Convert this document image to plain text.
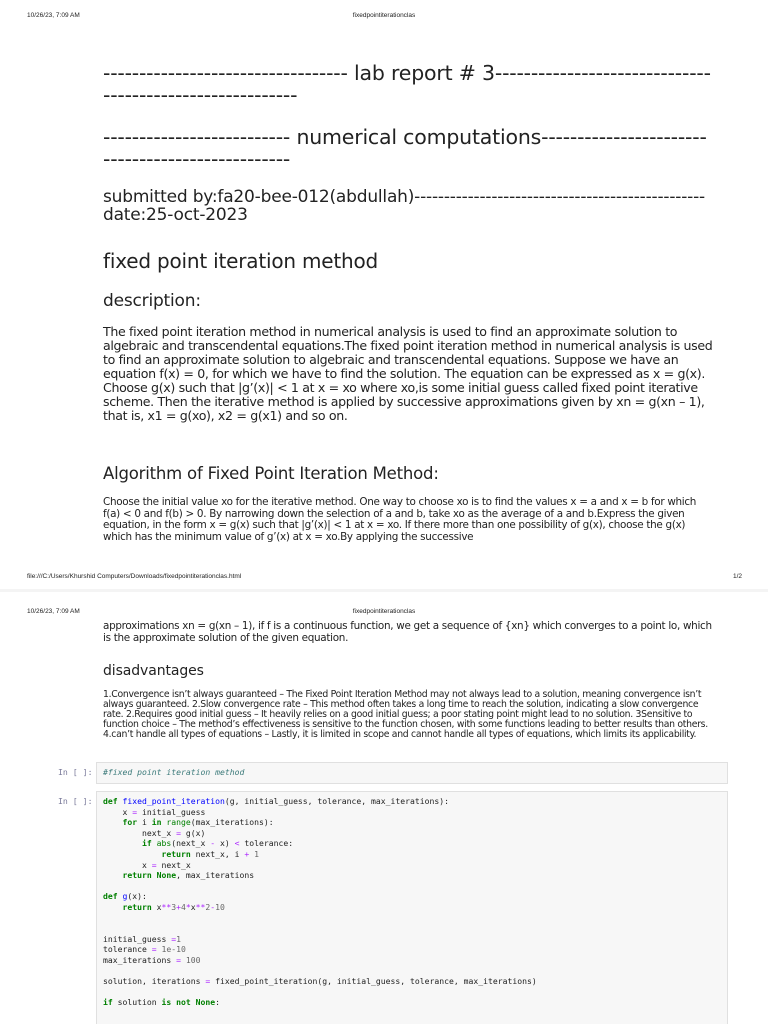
10/26/23, 7:09 AM	fixedpointiterationclas
---------------------------------- lab report # 3---------------------------------------------------------
-------------------------- numerical computations-------------------------------------------------
submitted by:fa20-bee-012(abdullah)-------------------------------------------------date:25-oct-2023
fixed point iteration method
description:
The fixed point iteration method in numerical analysis is used to find an approximate solution to algebraic and transcendental equations.The fixed point iteration method in numerical analysis is used to find an approximate solution to algebraic and transcendental equations. Suppose we have an equation f(x) = 0, for which we have to find the solution. The equation can be expressed as x = g(x). Choose g(x) such that |g’(x)| < 1 at x = xo where xo,is some initial guess called fixed point iterative scheme. Then the iterative method is applied by successive approximations given by xn = g(xn – 1), that is, x1 = g(xo), x2 = g(x1) and so on.
Algorithm of Fixed Point Iteration Method:
Choose the initial value xo for the iterative method. One way to choose xo is to find the values x = a and x = b for which f(a) < 0 and f(b) > 0. By narrowing down the selection of a and b, take xo as the average of a and b.Express the given equation, in the form x = g(x) such that |g’(x)| < 1 at x = xo. If there more than one possibility of g(x), choose the g(x) which has the minimum value of g’(x) at x = xo.By applying the successive
file:///C:/Users/Khurshid Computers/Downloads/fixedpointiterationclas.html	1/2
10/26/23, 7:09 AM	fixedpointiterationclas
approximations xn = g(xn – 1), if f is a continuous function, we get a sequence of {xn} which converges to a point lo, which is the approximate solution of the given equation.
disadvantages
1.Convergence isn’t always guaranteed – The Fixed Point Iteration Method may not always lead to a solution, meaning convergence isn’t always guaranteed. 2.Slow convergence rate – This method often takes a long time to reach the solution, indicating a slow convergence rate. 2.Requires good initial guess – It heavily relies on a good initial guess; a poor stating point might lead to no solution. 3Sensitive to function choice – The method’s effectiveness is sensitive to the function chosen, with some functions leading to better results than others. 4.can’t handle all types of equations – Lastly, it is limited in scope and cannot handle all types of equations, which limits its applicability.
In [ ]:	#fixed point iteration method
In [ ]:	def fixed_point_iteration(g, initial_guess, tolerance, max_iterations):
x = initial_guess
for i in range(max_iterations):
next_x = g(x)
if abs(next_x - x) < tolerance:
return next_x, i + 1
x = next_x
return None, max_iterations

def g(x):
return x**3+4*x**2-10

initial_guess =1
tolerance = 1e-10
max_iterations = 100

solution, iterations = fixed_point_iteration(g, initial_guess, tolerance, max_iterations)

if solution is not None:
